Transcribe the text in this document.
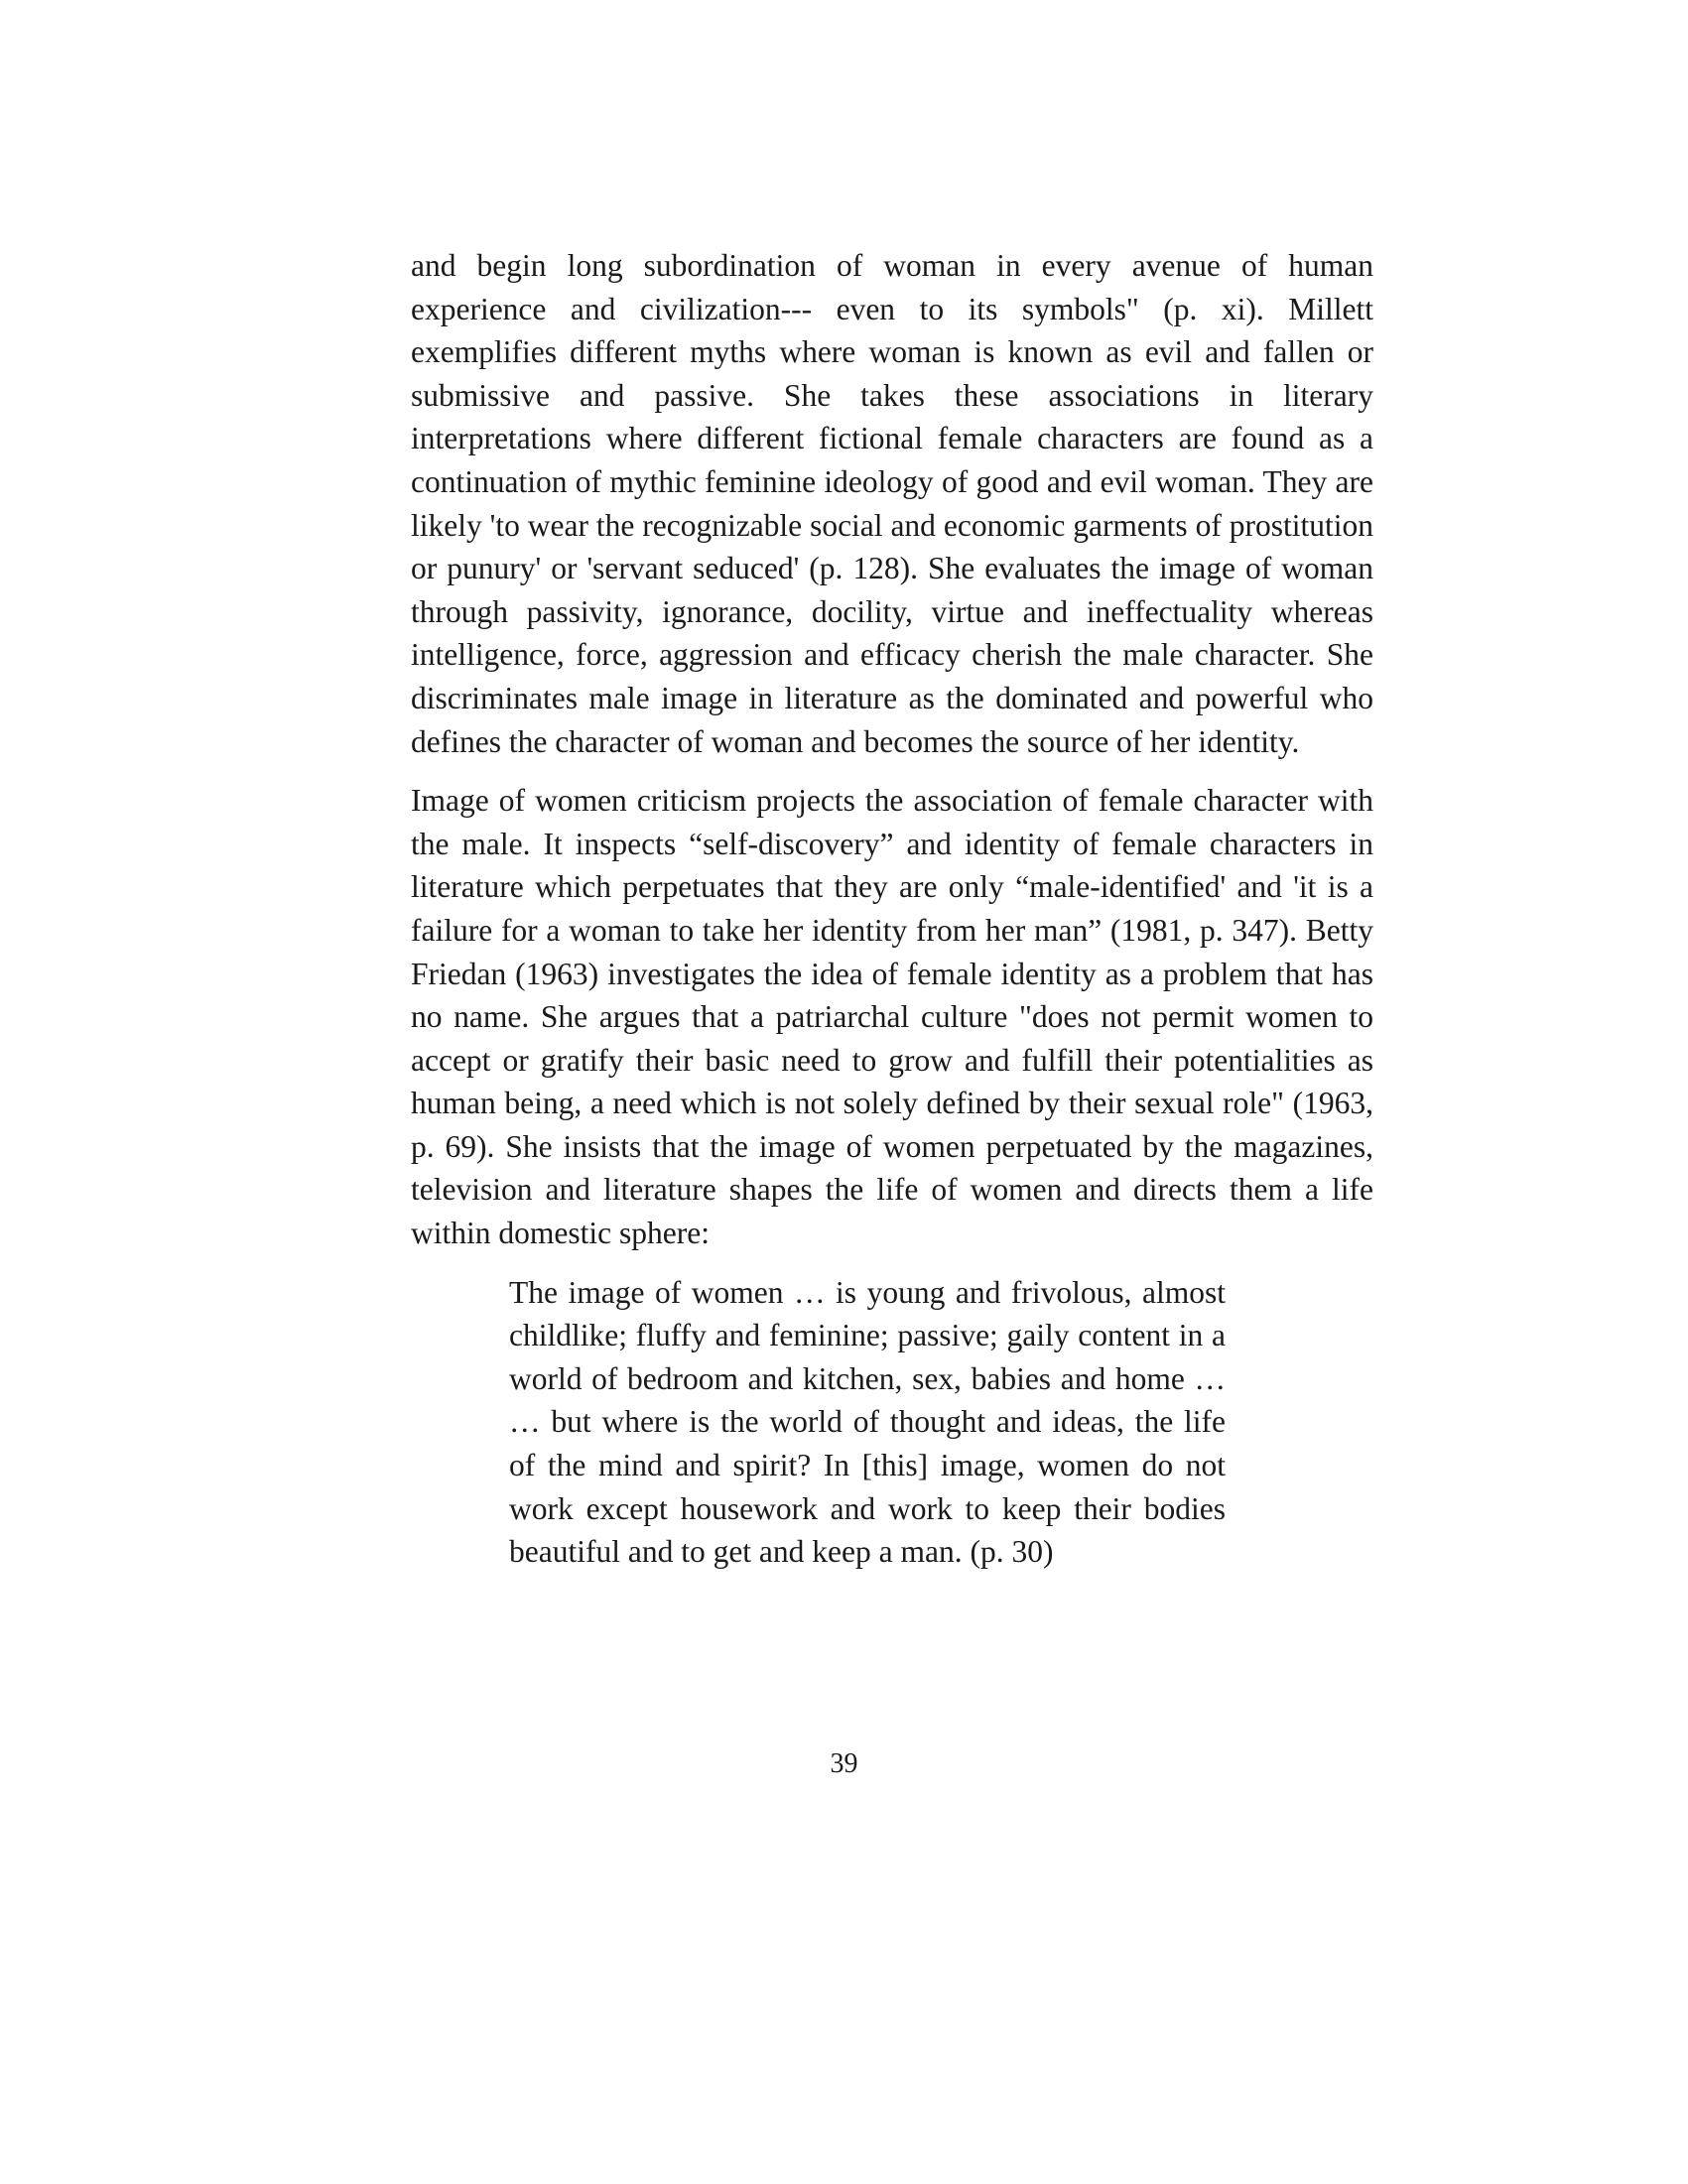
and begin long subordination of woman in every avenue of human experience and civilization--- even to its symbols" (p. xi). Millett exemplifies different myths where woman is known as evil and fallen or submissive and passive. She takes these associations in literary interpretations where different fictional female characters are found as a continuation of mythic feminine ideology of good and evil woman. They are likely 'to wear the recognizable social and economic garments of prostitution or punury' or 'servant seduced' (p. 128). She evaluates the image of woman through passivity, ignorance, docility, virtue and ineffectuality whereas intelligence, force, aggression and efficacy cherish the male character. She discriminates male image in literature as the dominated and powerful who defines the character of woman and becomes the source of her identity.

Image of women criticism projects the association of female character with the male. It inspects “self-discovery” and identity of female characters in literature which perpetuates that they are only “male-identified' and 'it is a failure for a woman to take her identity from her man” (1981, p. 347). Betty Friedan (1963) investigates the idea of female identity as a problem that has no name. She argues that a patriarchal culture "does not permit women to accept or gratify their basic need to grow and fulfill their potentialities as human being, a need which is not solely defined by their sexual role" (1963, p. 69). She insists that the image of women perpetuated by the magazines, television and literature shapes the life of women and directs them a life within domestic sphere:

The image of women … is young and frivolous, almost childlike; fluffy and feminine; passive; gaily content in a world of bedroom and kitchen, sex, babies and home … … but where is the world of thought and ideas, the life of the mind and spirit? In [this] image, women do not work except housework and work to keep their bodies beautiful and to get and keep a man. (p. 30)

39
